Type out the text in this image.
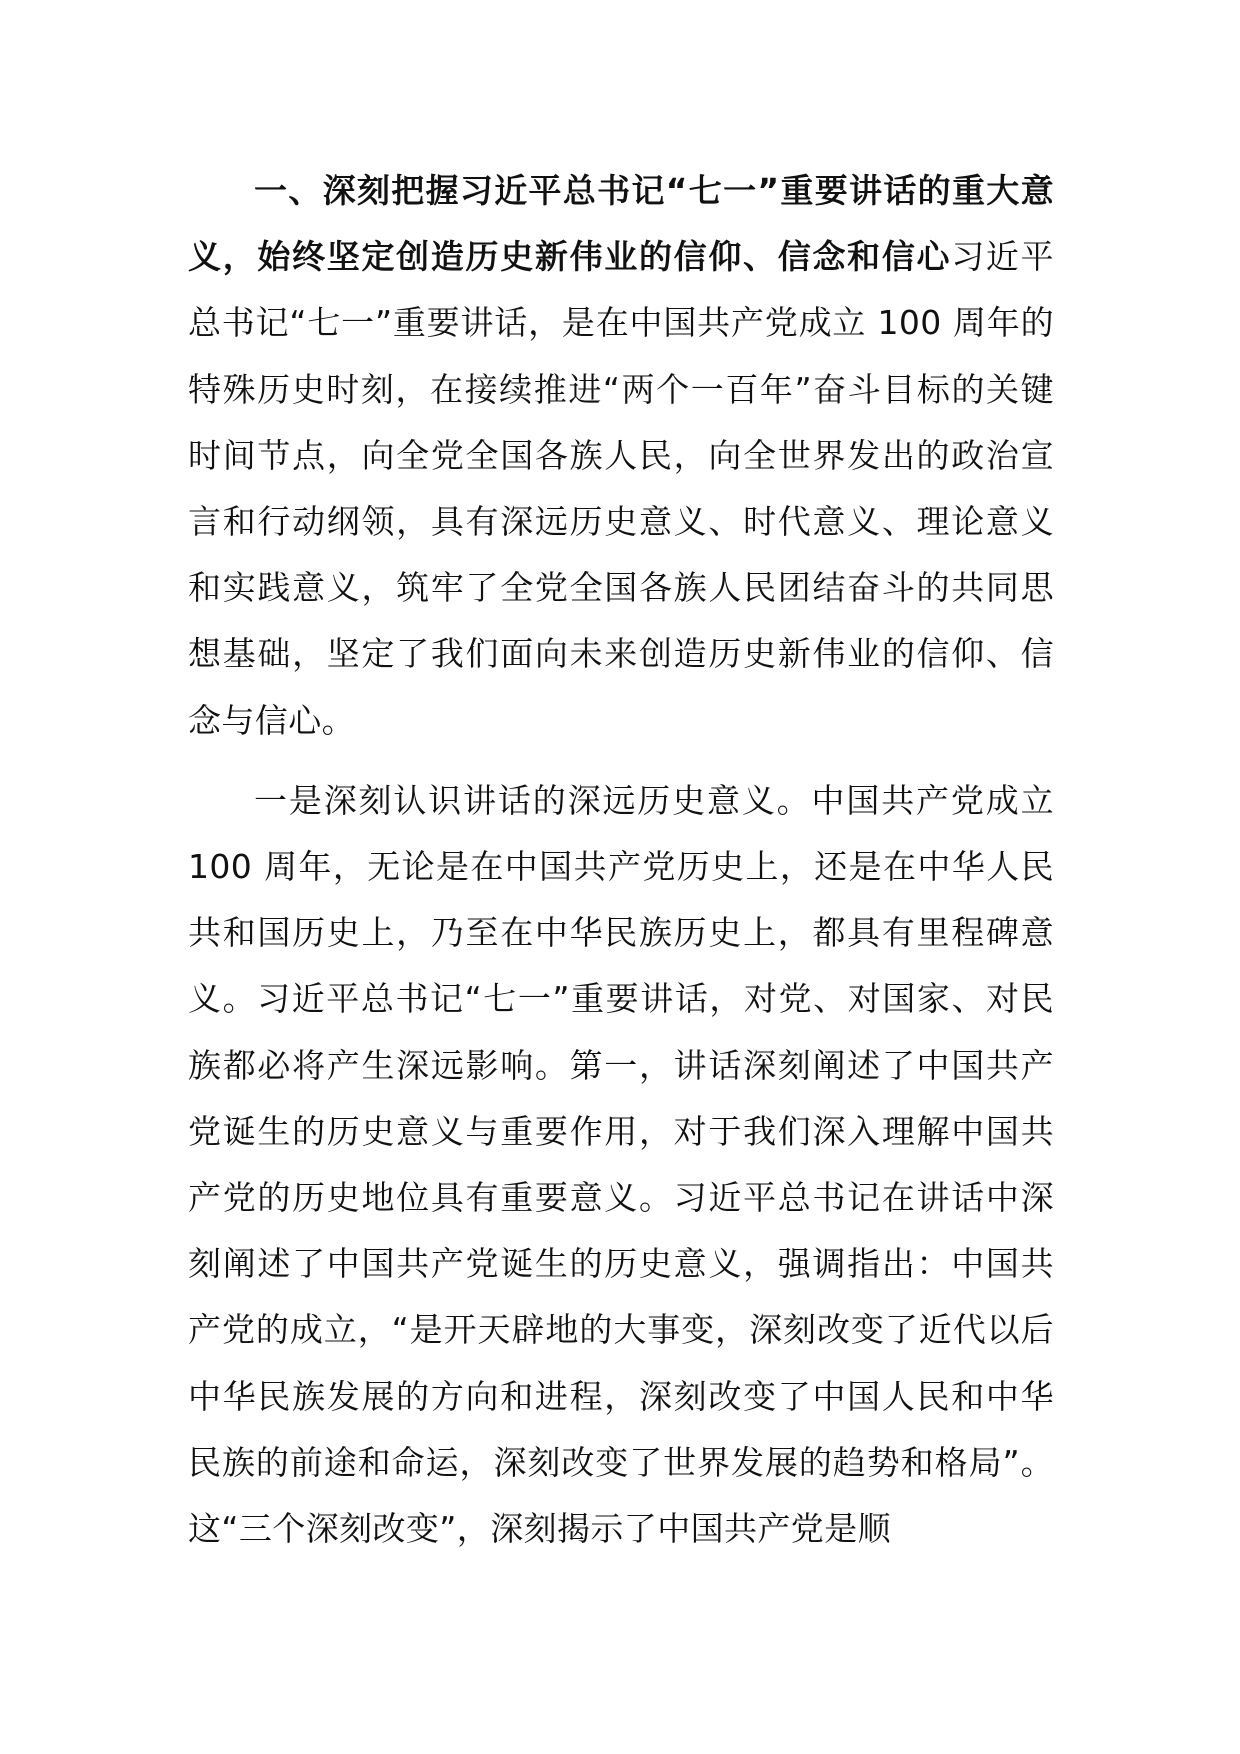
一、深刻把握习近平总书记“七一”重要讲话的重大意义，始终坚定创造历史新伟业的信仰、信念和信心习近平总书记“七一”重要讲话，是在中国共产党成立 100 周年的特殊历史时刻，在接续推进“两个一百年”奋斗目标的关键时间节点，向全党全国各族人民，向全世界发出的政治宣言和行动纲领，具有深远历史意义、时代意义、理论意义和实践意义，筑牢了全党全国各族人民团结奋斗的共同思想基础，坚定了我们面向未来创造历史新伟业的信仰、信念与信心。

一是深刻认识讲话的深远历史意义。中国共产党成立 100 周年，无论是在中国共产党历史上，还是在中华人民共和国历史上，乃至在中华民族历史上，都具有里程碑意义。习近平总书记“七一”重要讲话，对党、对国家、对民族都必将产生深远影响。第一，讲话深刻阐述了中国共产党诞生的历史意义与重要作用，对于我们深入理解中国共产党的历史地位具有重要意义。习近平总书记在讲话中深刻阐述了中国共产党诞生的历史意义，强调指出：中国共产党的成立，“是开天辟地的大事变，深刻改变了近代以后中华民族发展的方向和进程，深刻改变了中国人民和中华民族的前途和命运，深刻改变了世界发展的趋势和格局”。这“三个深刻改变”，深刻揭示了中国共产党是顺
